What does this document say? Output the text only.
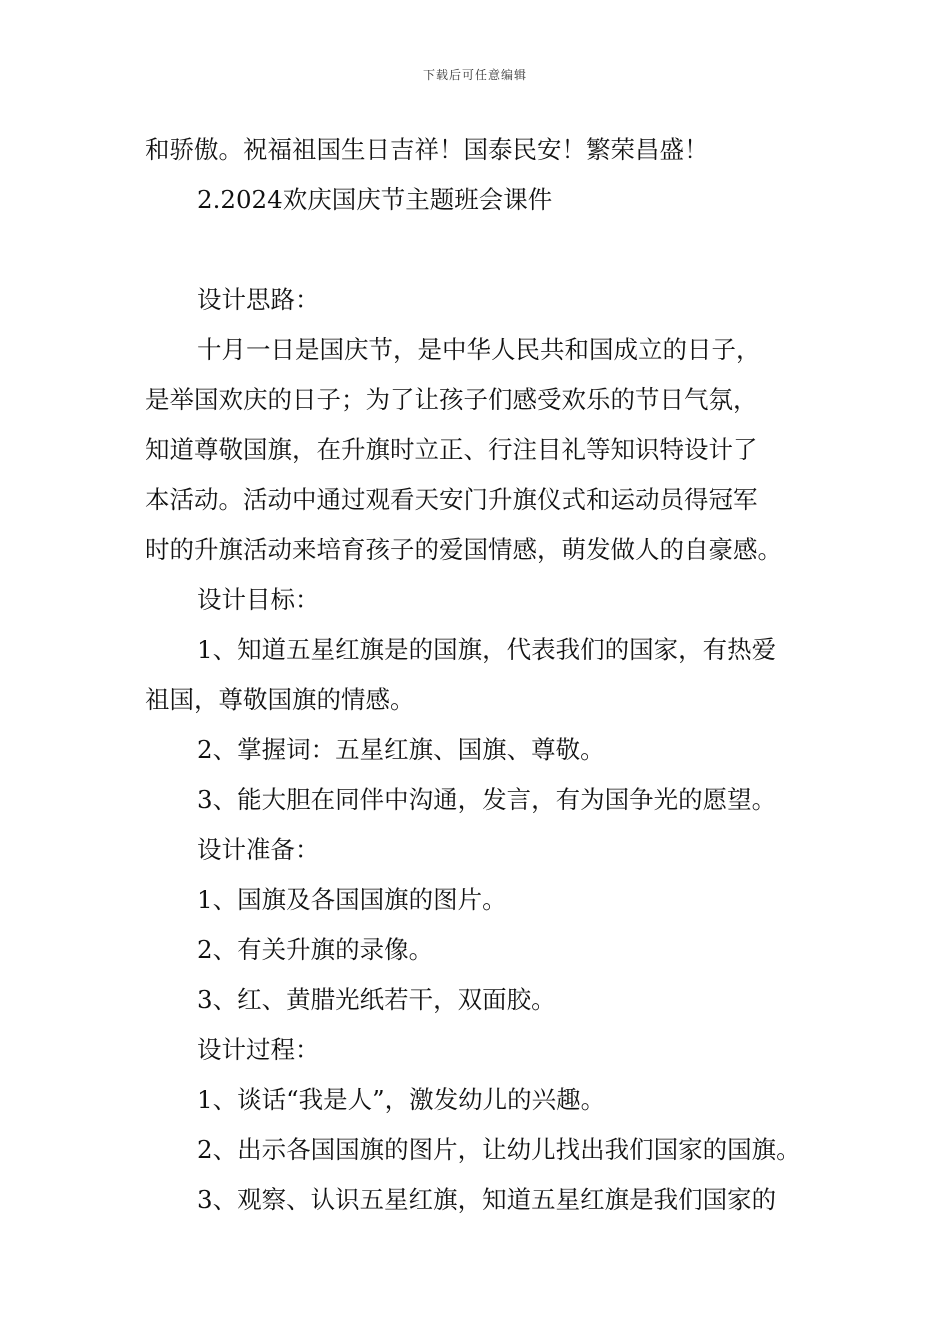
下载后可任意编辑
和骄傲。祝福祖国生日吉祥！国泰民安！繁荣昌盛！
2.2024欢庆国庆节主题班会课件
设计思路：
十月一日是国庆节，是中华人民共和国成立的日子，
是举国欢庆的日子；为了让孩子们感受欢乐的节日气氛，
知道尊敬国旗，在升旗时立正、行注目礼等知识特设计了
本活动。活动中通过观看天安门升旗仪式和运动员得冠军
时的升旗活动来培育孩子的爱国情感，萌发做人的自豪感。
设计目标：
1、知道五星红旗是的国旗，代表我们的国家，有热爱
祖国，尊敬国旗的情感。
2、掌握词：五星红旗、国旗、尊敬。
3、能大胆在同伴中沟通，发言，有为国争光的愿望。
设计准备：
1、国旗及各国国旗的图片。
2、有关升旗的录像。
3、红、黄腊光纸若干，双面胶。
设计过程：
1、谈话“我是人”，激发幼儿的兴趣。
2、出示各国国旗的图片，让幼儿找出我们国家的国旗。
3、观察、认识五星红旗，知道五星红旗是我们国家的
